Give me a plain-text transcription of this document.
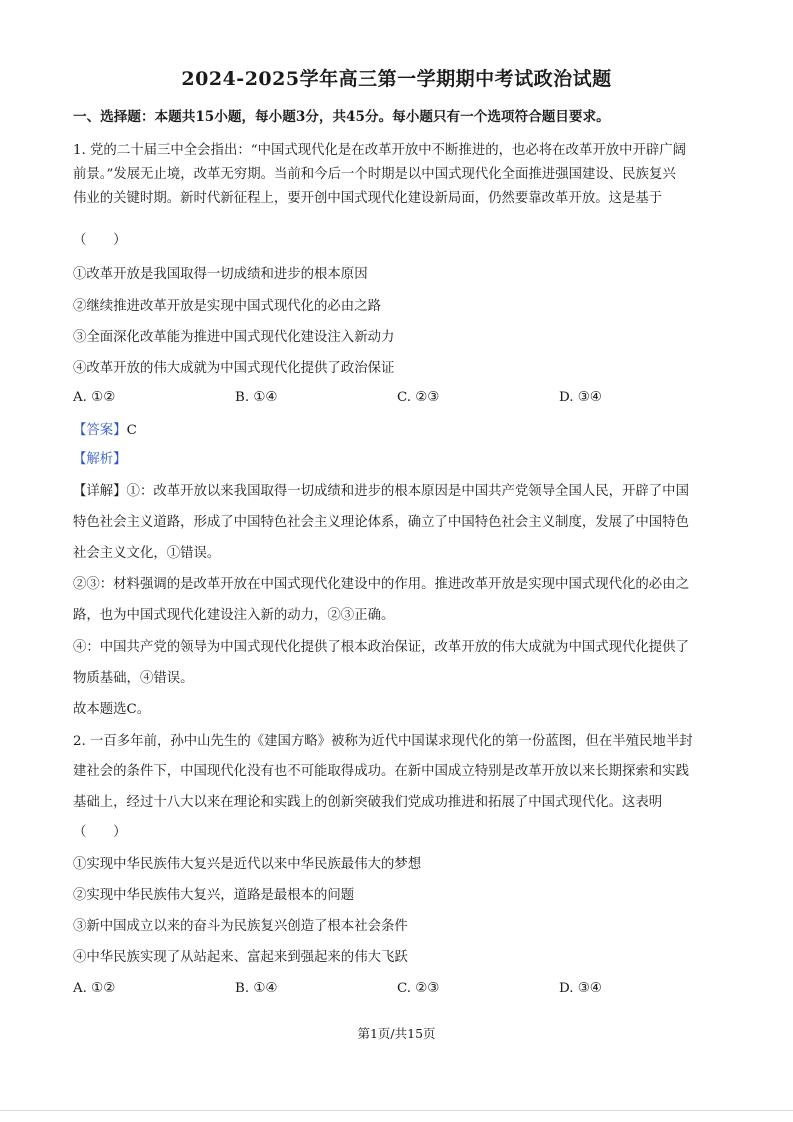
2024-2025学年高三第一学期期中考试政治试题
一、选择题：本题共15小题，每小题3分，共45分。每小题只有一个选项符合题目要求。
1. 党的二十届三中全会指出：“中国式现代化是在改革开放中不断推进的，也必将在改革开放中开辟广阔
前景。”发展无止境，改革无穷期。当前和今后一个时期是以中国式现代化全面推进强国建设、民族复兴
伟业的关键时期。新时代新征程上，要开创中国式现代化建设新局面，仍然要靠改革开放。这是基于
（　　）
①改革开放是我国取得一切成绩和进步的根本原因
②继续推进改革开放是实现中国式现代化的必由之路
③全面深化改革能为推进中国式现代化建设注入新动力
④改革开放的伟大成就为中国式现代化提供了政治保证
A. ①②	B. ①④	C. ②③	D. ③④
【答案】C
【解析】
【详解】①：改革开放以来我国取得一切成绩和进步的根本原因是中国共产党领导全国人民，开辟了中国
特色社会主义道路，形成了中国特色社会主义理论体系，确立了中国特色社会主义制度，发展了中国特色
社会主义文化，①错误。
②③：材料强调的是改革开放在中国式现代化建设中的作用。推进改革开放是实现中国式现代化的必由之
路，也为中国式现代化建设注入新的动力，②③正确。
④：中国共产党的领导为中国式现代化提供了根本政治保证，改革开放的伟大成就为中国式现代化提供了
物质基础，④错误。
故本题选C。
2. 一百多年前，孙中山先生的《建国方略》被称为近代中国谋求现代化的第一份蓝图，但在半殖民地半封
建社会的条件下，中国现代化没有也不可能取得成功。在新中国成立特别是改革开放以来长期探索和实践
基础上，经过十八大以来在理论和实践上的创新突破我们党成功推进和拓展了中国式现代化。这表明
（　　）
①实现中华民族伟大复兴是近代以来中华民族最伟大的梦想
②实现中华民族伟大复兴，道路是最根本的问题
③新中国成立以来的奋斗为民族复兴创造了根本社会条件
④中华民族实现了从站起来、富起来到强起来的伟大飞跃
A. ①②	B. ①④	C. ②③	D. ③④
第1页/共15页
